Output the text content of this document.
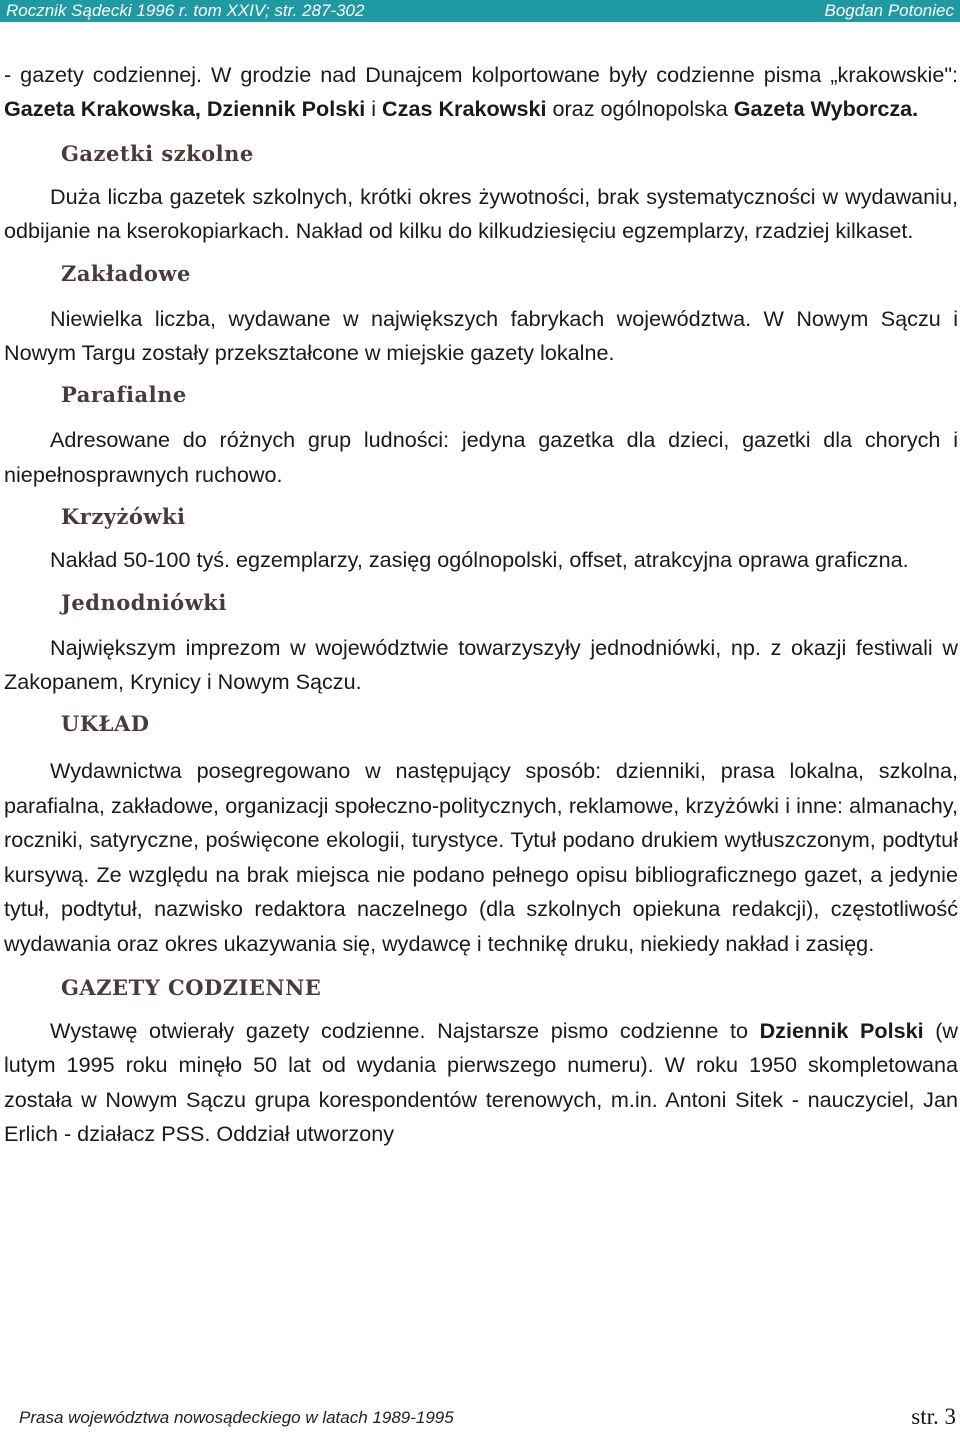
Rocznik Sądecki 1996 r. tom XXIV; str. 287-302	Bogdan Potoniec

- gazety codziennej. W grodzie nad Dunajcem kolportowane były codzienne pisma „krakowskie": Gazeta Krakowska, Dziennik Polski i Czas Krakowski oraz ogólnopolska Gazeta Wyborcza.

Gazetki szkolne

Duża liczba gazetek szkolnych, krótki okres żywotności, brak systematyczności w wydawaniu, odbijanie na kserokopiarkach. Nakład od kilku do kilkudziesięciu egzemplarzy, rzadziej kilkaset.

Zakładowe

Niewielka liczba, wydawane w największych fabrykach województwa. W Nowym Sączu i Nowym Targu zostały przekształcone w miejskie gazety lokalne.

Parafialne

Adresowane do różnych grup ludności: jedyna gazetka dla dzieci, gazetki dla chorych i niepełnosprawnych ruchowo.

Krzyżówki

Nakład 50-100 tyś. egzemplarzy, zasięg ogólnopolski, offset, atrakcyjna oprawa graficzna.

Jednodniówki

Największym imprezom w województwie towarzyszyły jednodniówki, np. z okazji festiwali w Zakopanem, Krynicy i Nowym Sączu.

UKŁAD

Wydawnictwa posegregowano w następujący sposób: dzienniki, prasa lokalna, szkolna, parafialna, zakładowe, organizacji społeczno-politycznych, reklamowe, krzyżówki i inne: almanachy, roczniki, satyryczne, poświęcone ekologii, turystyce. Tytuł podano drukiem wytłuszczonym, podtytuł kursywą. Ze względu na brak miejsca nie podano pełnego opisu bibliograficznego gazet, a jedynie tytuł, podtytuł, nazwisko redaktora naczelnego (dla szkolnych opiekuna redakcji), częstotliwość wydawania oraz okres ukazywania się, wydawcę i technikę druku, niekiedy nakład i zasięg.

GAZETY CODZIENNE

Wystawę otwierały gazety codzienne. Najstarsze pismo codzienne to Dziennik Polski (w lutym 1995 roku minęło 50 lat od wydania pierwszego numeru). W roku 1950 skompletowana została w Nowym Sączu grupa korespondentów terenowych, m.in. Antoni Sitek - nauczyciel, Jan Erlich - działacz PSS. Oddział utworzony

Prasa województwa nowosądeckiego w latach 1989-1995	str. 3
